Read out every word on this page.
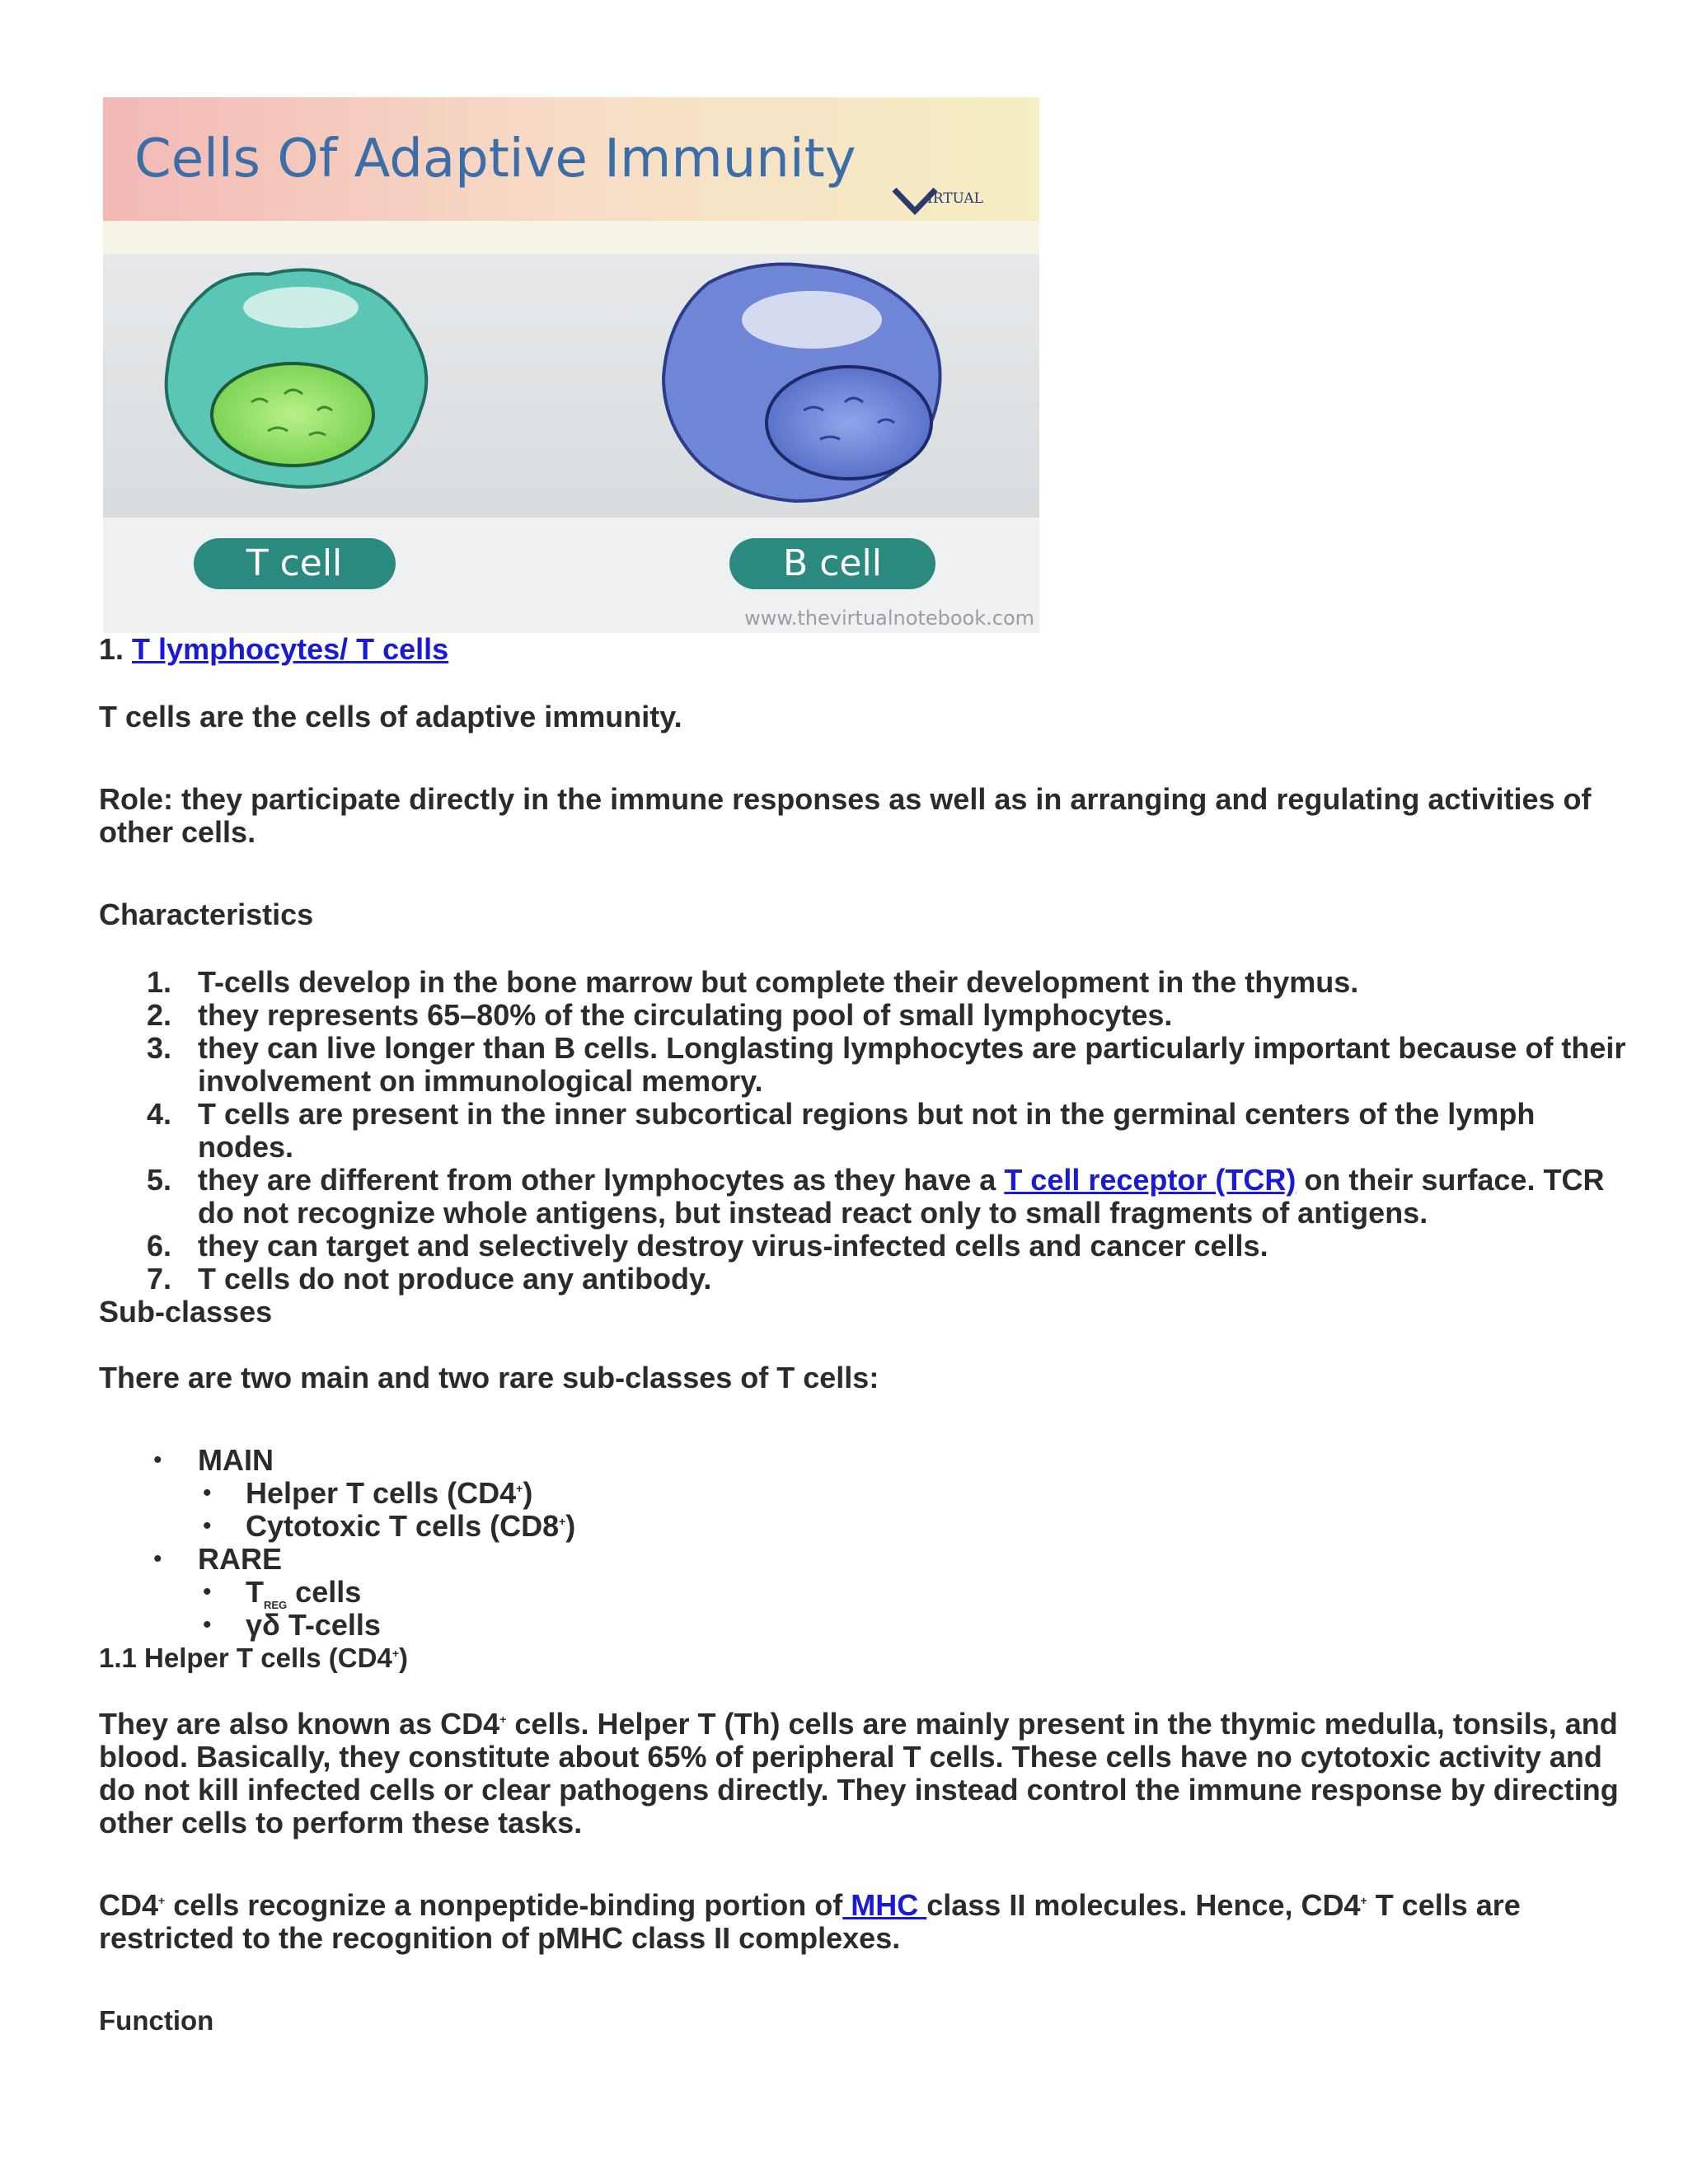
Cells Of Adaptive Immunity
IRTUAL
T cell	B cell
www.thevirtualnotebook.com
1. T lymphocytes/ T cells
T cells are the cells of adaptive immunity.
Role: they participate directly in the immune responses as well as in arranging and regulating activities of
other cells.
Characteristics
1. T-cells develop in the bone marrow but complete their development in the thymus.
2. they represents 65–80% of the circulating pool of small lymphocytes.
3. they can live longer than B cells. Longlasting lymphocytes are particularly important because of their
involvement on immunological memory.
4. T cells are present in the inner subcortical regions but not in the germinal centers of the lymph
nodes.
5. they are different from other lymphocytes as they have a T cell receptor (TCR) on their surface. TCR
do not recognize whole antigens, but instead react only to small fragments of antigens.
6. they can target and selectively destroy virus-infected cells and cancer cells.
7. T cells do not produce any antibody.
Sub-classes
There are two main and two rare sub-classes of T cells:
• MAIN
• Helper T cells (CD4+)
• Cytotoxic T cells (CD8+)
• RARE
• $T_{REG}$ cells
• γδ T-cells
1.1 Helper T cells (CD4+)
They are also known as CD4+ cells. Helper T (Th) cells are mainly present in the thymic medulla, tonsils, and
blood. Basically, they constitute about 65% of peripheral T cells. These cells have no cytotoxic activity and
do not kill infected cells or clear pathogens directly. They instead control the immune response by directing
other cells to perform these tasks.
CD4+ cells recognize a nonpeptide-binding portion of MHC class II molecules. Hence, CD4+ T cells are
restricted to the recognition of pMHC class II complexes.
Function
